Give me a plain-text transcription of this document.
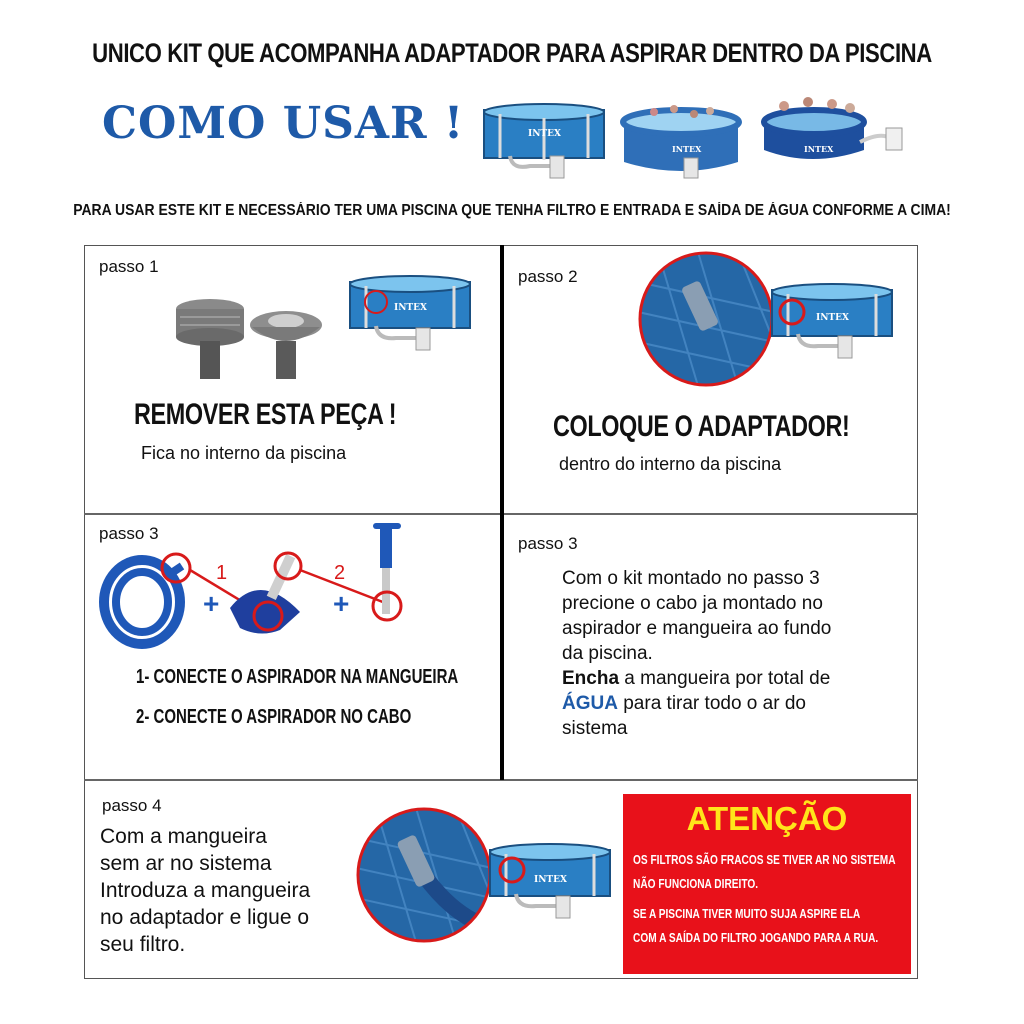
UNICO KIT QUE ACOMPANHA ADAPTADOR PARA ASPIRAR DENTRO DA PISCINA
COMO USAR !	INTEX
INTEX	INTEX
PARA USAR ESTE KIT E NECESSÁRIO TER UMA PISCINA QUE TENHA FILTRO E ENTRADA E SAÍDA DE ÁGUA CONFORME A CIMA!
passo 1
INTEX
REMOVER ESTA PEÇA !
Fica no interno da piscina
passo 2
INTEX
COLOQUE O ADAPTADOR!
dentro do interno da piscina
passo 3
1	2
+	+
1- CONECTE O ASPIRADOR NA MANGUEIRA
2- CONECTE O ASPIRADOR NO CABO
passo 3
Com o kit montado no passo 3
precione o cabo ja montado no
aspirador e mangueira ao fundo
da piscina.
Encha a mangueira por total de
ÁGUA para tirar todo o ar do
sistema
passo 4
Com a mangueira
sem ar no sistema
Introduza a mangueira
no adaptador e ligue o
seu filtro.
INTEX
ATENÇÃO
OS FILTROS SÃO FRACOS SE TIVER AR NO SISTEMA
NÃO FUNCIONA DIREITO.
SE A PISCINA TIVER MUITO SUJA ASPIRE ELA
COM A SAÍDA DO FILTRO JOGANDO PARA A RUA.
